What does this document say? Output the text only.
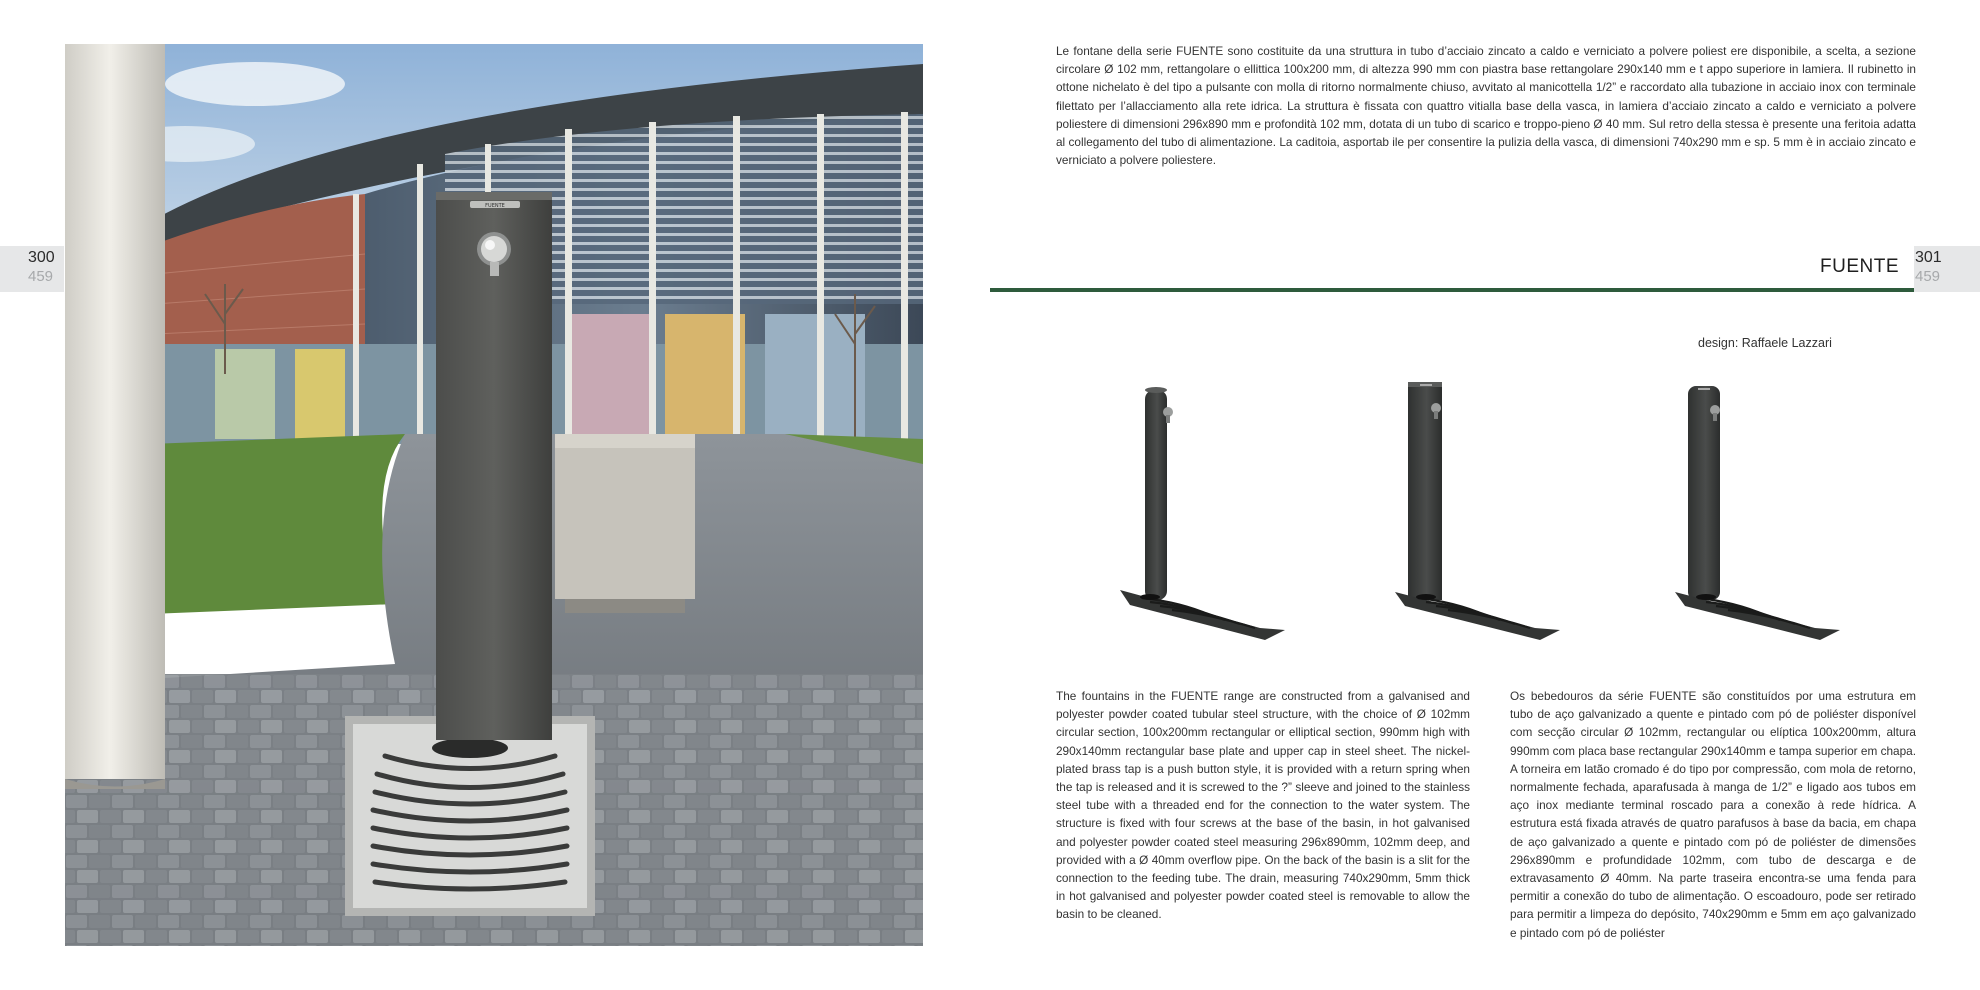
300
459
FUENTE

Le fontane della serie FUENTE sono costituite da una struttura in tubo d’acciaio zincato a caldo e verniciato a polvere poliest ere disponibile, a scelta, a sezione circolare Ø 102 mm, rettangolare o ellittica 100x200 mm, di altezza 990 mm con piastra base rettangolare 290x140 mm e t appo superiore in lamiera. Il rubinetto in ottone nichelato è del tipo a pulsante con molla di ritorno normalmente chiuso, avvitato al manicottella 1/2” e raccordato alla tubazione in acciaio inox con terminale filettato per l’allacciamento alla rete idrica. La struttura è fissata con quattro vitialla base della vasca, in lamiera d’acciaio zincato a caldo e verniciato a polvere poliestere di dimensioni 296x890 mm e profondità 102 mm, dotata di un tubo di scarico e troppo-pieno Ø 40 mm. Sul retro della stessa è presente una feritoia adatta al collegamento del tubo di alimentazione. La caditoia, asportab ile per consentire la pulizia della vasca, di dimensioni 740x290 mm e sp. 5 mm è in acciaio zincato e verniciato a polvere poliestere.

FUENTE 301
459
design: Raffaele Lazzari

The fountains in the FUENTE range are constructed from a galvanised and polyester powder coated tubular steel structure, with the choice of Ø 102mm circular section, 100x200mm rectangular or elliptical section, 990mm high with 290x140mm rectangular base plate and upper cap in steel sheet. The nickel-plated brass tap is a push button style, it is provided with a return spring when the tap is released and it is screwed to the ?” sleeve and joined to the stainless steel tube with a threaded end for the connection to the water system. The structure is fixed with four screws at the base of the basin, in hot galvanised and polyester powder coated steel measuring 296x890mm, 102mm deep, and provided with a Ø 40mm overflow pipe. On the back of the basin is a slit for the connection to the feeding tube. The drain, measuring 740x290mm, 5mm thick in hot galvanised and polyester powder coated steel is removable to allow the basin to be cleaned.

Os bebedouros da série FUENTE são constituídos por uma estrutura em tubo de aço galvanizado a quente e pintado com pó de poliéster disponível com secção circular Ø 102mm, rectangular ou elíptica 100x200mm, altura 990mm com placa base rectangular 290x140mm e tampa superior em chapa. A torneira em latão cromado é do tipo por compressão, com mola de retorno, normalmente fechada, aparafusada à manga de 1/2” e ligado aos tubos em aço inox mediante terminal roscado para a conexão à rede hídrica. A estrutura está fixada através de quatro parafusos à base da bacia, em chapa de aço galvanizado a quente e pintado com pó de poliéster de dimensões 296x890mm e profundidade 102mm, com tubo de descarga e de extravasamento Ø 40mm. Na parte traseira encontra-se uma fenda para permitir a conexão do tubo de alimentação. O escoadouro, pode ser retirado para permitir a limpeza do depósito, 740x290mm e 5mm em aço galvanizado e pintado com pó de poliéster
